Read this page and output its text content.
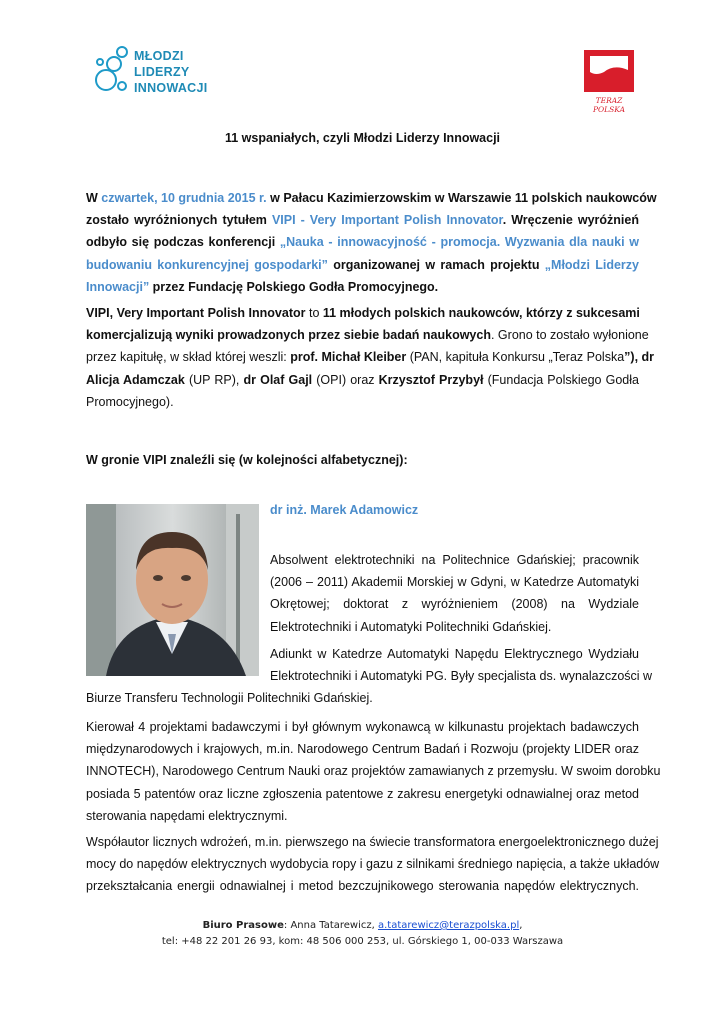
MŁODZI
LIDERZY
INNOWACJI
TERAZ POLSKA
11 wspaniałych, czyli Młodzi Liderzy Innowacji
W czwartek, 10 grudnia 2015 r. w Pałacu Kazimierzowskim w Warszawie 11 polskich naukowców
zostało wyróżnionych tytułem VIPI - Very Important Polish Innovator. Wręczenie wyróżnień
odbyło się podczas konferencji „Nauka - innowacyjność - promocja. Wyzwania dla nauki w
budowaniu konkurencyjnej gospodarki” organizowanej w ramach projektu „Młodzi Liderzy
Innowacji” przez Fundację Polskiego Godła Promocyjnego.
VIPI, Very Important Polish Innovator to 11 młodych polskich naukowców, którzy z sukcesami
komercjalizują wyniki prowadzonych przez siebie badań naukowych. Grono to zostało wyłonione
przez kapitułę, w skład której weszli: prof. Michał Kleiber (PAN, kapituła Konkursu „Teraz Polska”), dr
Alicja Adamczak (UP RP), dr Olaf Gajl (OPI) oraz Krzysztof Przybył (Fundacja Polskiego Godła
Promocyjnego).
W gronie VIPI znaleźli się (w kolejności alfabetycznej):
dr inż. Marek Adamowicz
Absolwent elektrotechniki na Politechnice Gdańskiej; pracownik
(2006 – 2011) Akademii Morskiej w Gdyni, w Katedrze Automatyki
Okrętowej; doktorat z wyróżnieniem (2008) na Wydziale
Elektrotechniki i Automatyki Politechniki Gdańskiej.
Adiunkt w Katedrze Automatyki Napędu Elektrycznego Wydziału
Elektrotechniki i Automatyki PG. Były specjalista ds. wynalazczości w
Biurze Transferu Technologii Politechniki Gdańskiej.
Kierował 4 projektami badawczymi i był głównym wykonawcą w kilkunastu projektach badawczych
międzynarodowych i krajowych, m.in. Narodowego Centrum Badań i Rozwoju (projekty LIDER oraz
INNOTECH), Narodowego Centrum Nauki oraz projektów zamawianych z przemysłu. W swoim dorobku
posiada 5 patentów oraz liczne zgłoszenia patentowe z zakresu energetyki odnawialnej oraz metod
sterowania napędami elektrycznymi.
Współautor licznych wdrożeń, m.in. pierwszego na świecie transformatora energoelektronicznego dużej
mocy do napędów elektrycznych wydobycia ropy i gazu z silnikami średniego napięcia, a także układów
przekształcania energii odnawialnej i metod bezczujnikowego sterowania napędów elektrycznych.
Biuro Prasowe: Anna Tatarewicz, a.tatarewicz@terazpolska.pl,
tel: +48 22 201 26 93, kom: 48 506 000 253, ul. Górskiego 1, 00-033 Warszawa
